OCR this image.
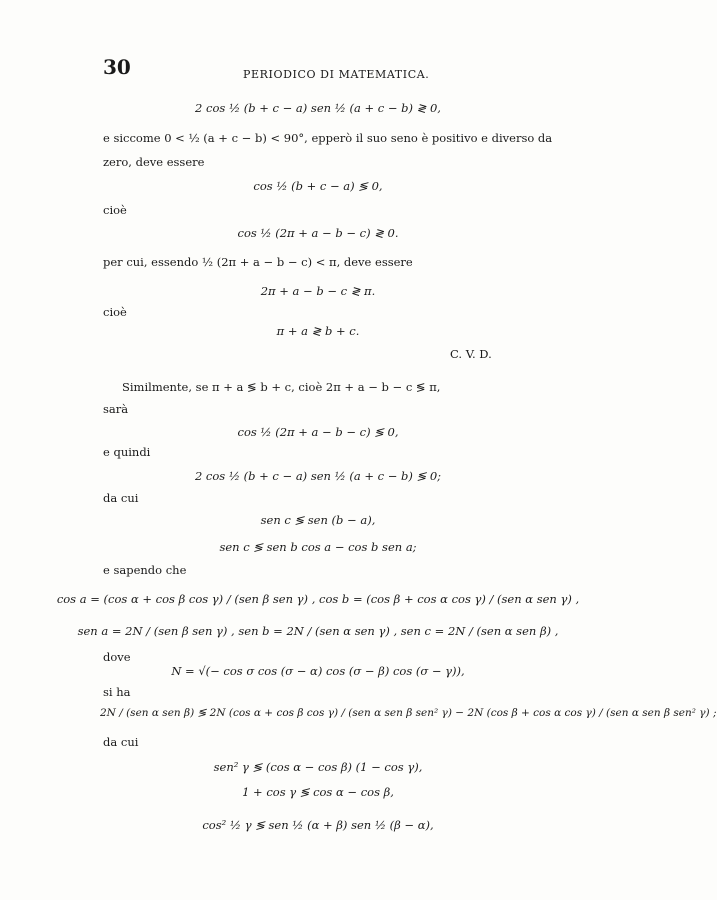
30	PERIODICO DI MATEMATICA.
2 cos ½ (b + c − a) sen ½ (a + c − b) ≷ 0,
e siccome 0 < ½ (a + c − b) < 90°, epperò il suo seno è positivo e diverso da
zero, deve essere
cos ½ (b + c − a) ≶ 0,
cioè
cos ½ (2π + a − b − c) ≷ 0.
per cui, essendo ½ (2π + a − b − c) < π, deve essere
2π + a − b − c ≷ π.
cioè
π + a ≷ b + c.
C. V. D.
Similmente, se π + a ≶ b + c, cioè 2π + a − b − c ≶ π,
sarà
cos ½ (2π + a − b − c) ≶ 0,
e quindi
2 cos ½ (b + c − a) sen ½ (a + c − b) ≶ 0;
da cui
sen c ≶ sen (b − a),
sen c ≶ sen b cos a − cos b sen a;
e sapendo che
cos a = (cos α + cos β cos γ) / (sen β sen γ) , cos b = (cos β + cos α cos γ) / (sen α sen γ) ,
sen a = 2N / (sen β sen γ) , sen b = 2N / (sen α sen γ) , sen c = 2N / (sen α sen β) ,
dove
N = √(− cos σ cos (σ − α) cos (σ − β) cos (σ − γ)),
si ha
2N / (sen α sen β) ≶ 2N (cos α + cos β cos γ) / (sen α sen β sen² γ) − 2N (cos β + cos α cos γ) / (sen α sen β sen² γ) ;
da cui
sen² γ ≶ (cos α − cos β) (1 − cos γ),
1 + cos γ ≶ cos α − cos β,
cos² ½ γ ≶ sen ½ (α + β) sen ½ (β − α),
